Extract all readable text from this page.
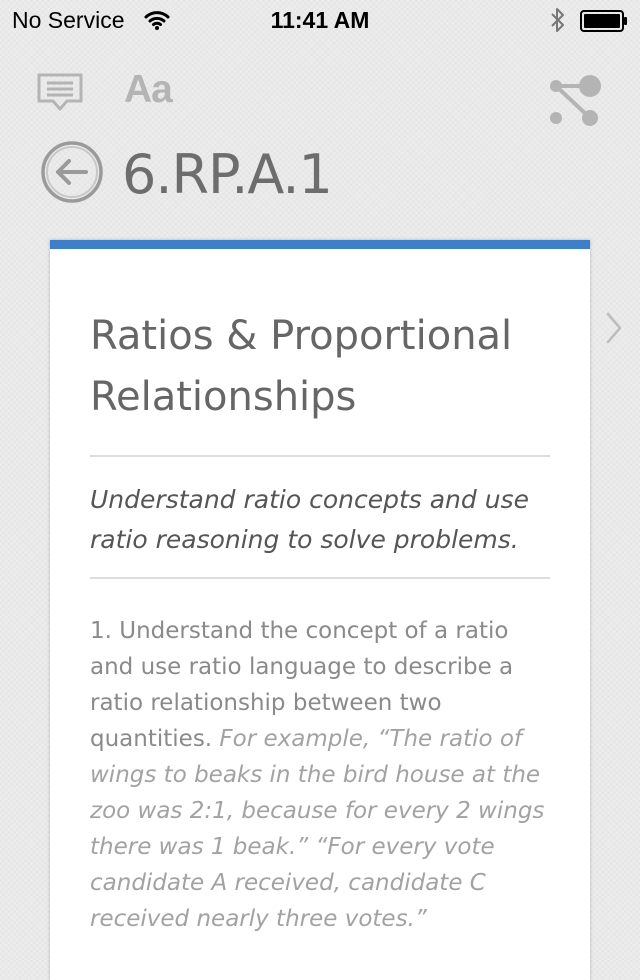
No Service	11:41 AM
Aa
6.RP.A.1
Ratios & Proportional Relationships

Understand ratio concepts and use ratio reasoning to solve problems.

1. Understand the concept of a ratio and use ratio language to describe a ratio relationship between two quantities. For example, “The ratio of wings to beaks in the bird house at the zoo was 2:1, because for every 2 wings there was 1 beak.” “For every vote candidate A received, candidate C received nearly three votes.”
